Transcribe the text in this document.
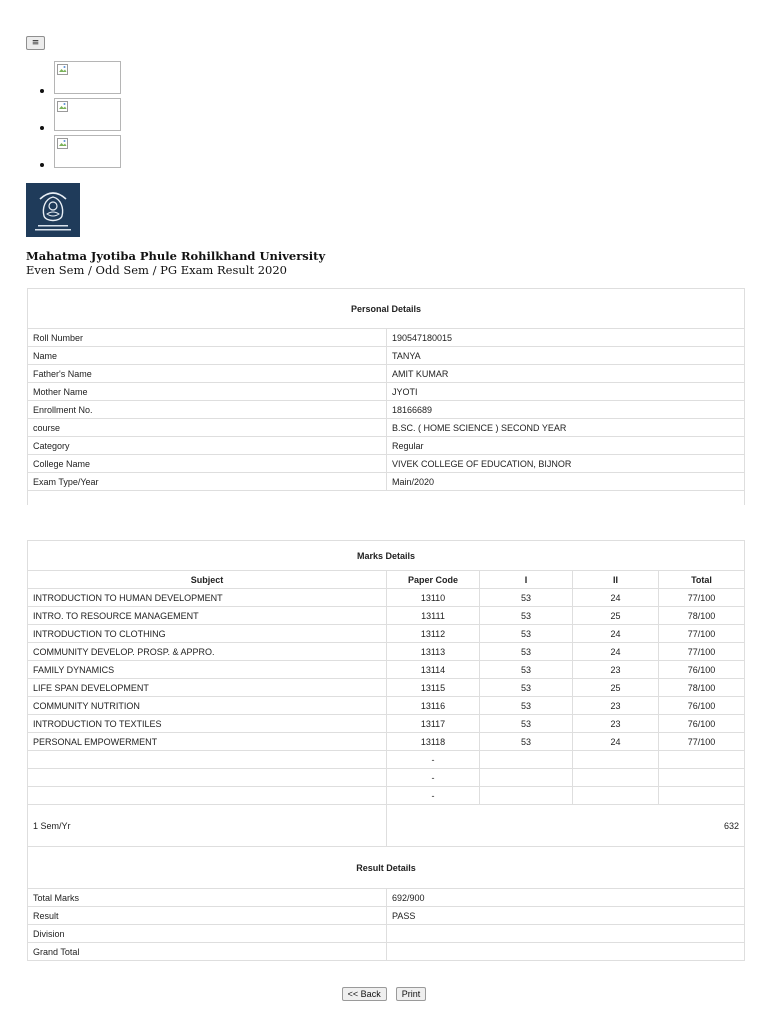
≡
Mahatma Jyotiba Phule Rohilkhand University
Even Sem / Odd Sem / PG Exam Result 2020
Personal Details	
Roll Number	190547180015
Name	TANYA
Father's Name	AMIT KUMAR
Mother Name	JYOTI
Enrollment No.	18166689
course	B.SC. ( HOME SCIENCE ) SECOND YEAR
Category	Regular
College Name	VIVEK COLLEGE OF EDUCATION, BIJNOR
Exam Type/Year	Main/2020

Marks Details				
Subject	Paper Code	I	II	Total
INTRODUCTION TO HUMAN DEVELOPMENT	13110	53	24	77/100
INTRO. TO RESOURCE MANAGEMENT	13111	53	25	78/100
INTRODUCTION TO CLOTHING	13112	53	24	77/100
COMMUNITY DEVELOP. PROSP. & APPRO.	13113	53	24	77/100
FAMILY DYNAMICS	13114	53	23	76/100
LIFE SPAN DEVELOPMENT	13115	53	25	78/100
COMMUNITY NUTRITION	13116	53	23	76/100
INTRODUCTION TO TEXTILES	13117	53	23	76/100
PERSONAL EMPOWERMENT	13118	53	24	77/100
	-			
	-			
	-			
1 Sem/Yr	632			
Result Details				
Total Marks	692/900			
Result	PASS			
Division				
Grand Total				
<< Back Print
